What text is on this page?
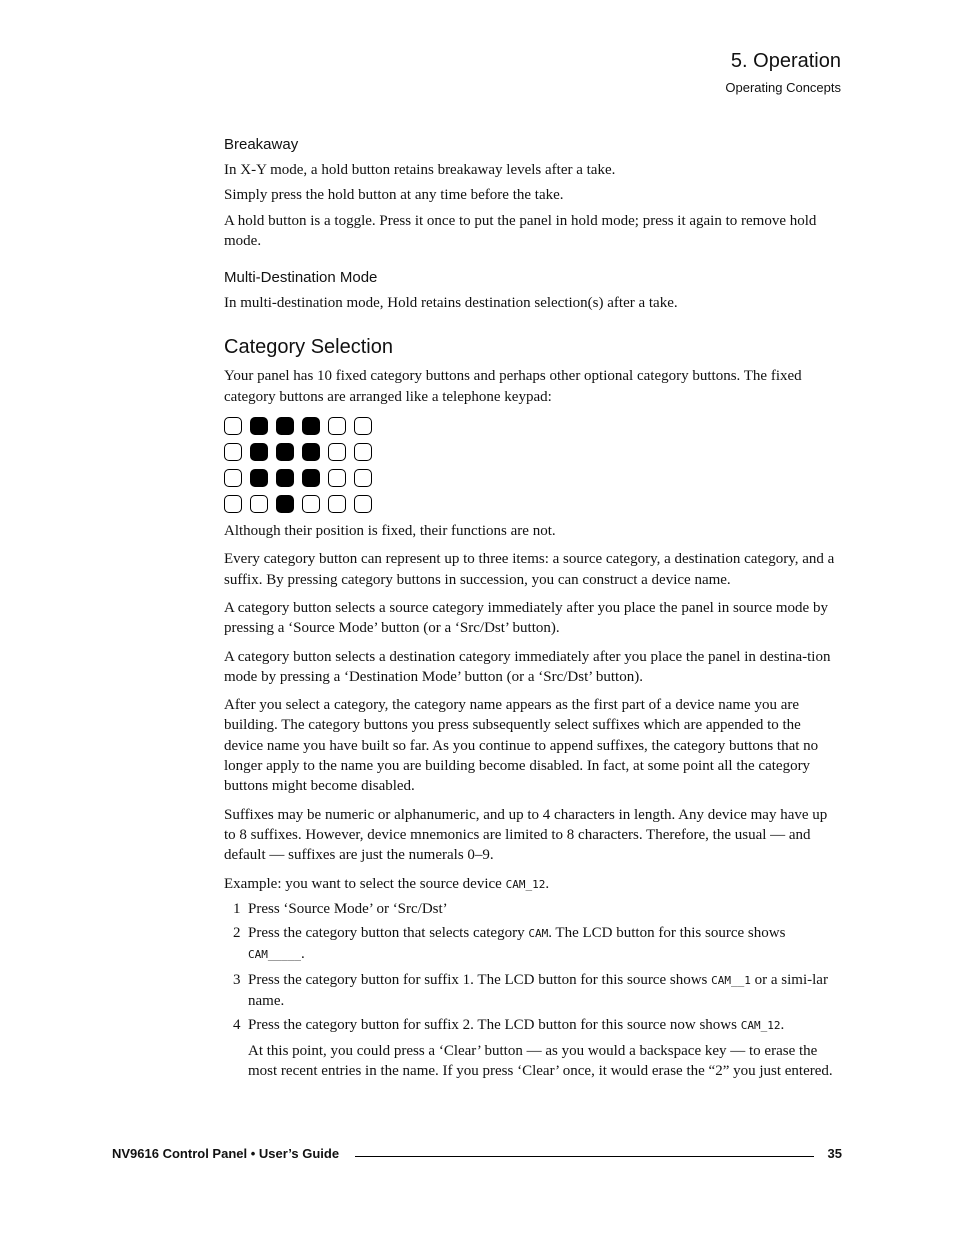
5. Operation
Operating Concepts
Breakaway

In X-Y mode, a hold button retains breakaway levels after a take.

Simply press the hold button at any time before the take.

A hold button is a toggle. Press it once to put the panel in hold mode; press it again to remove hold mode.

Multi-Destination Mode

In multi-destination mode, Hold retains destination selection(s) after a take.

Category Selection

Your panel has 10 fixed category buttons and perhaps other optional category buttons. The fixed category buttons are arranged like a telephone keypad:

Although their position is fixed, their functions are not.

Every category button can represent up to three items: a source category, a destination category, and a suffix. By pressing category buttons in succession, you can construct a device name.

A category button selects a source category immediately after you place the panel in source mode by pressing a ‘Source Mode’ button (or a ‘Src/Dst’ button).

A category button selects a destination category immediately after you place the panel in destina-tion mode by pressing a ‘Destination Mode’ button (or a ‘Src/Dst’ button).

After you select a category, the category name appears as the first part of a device name you are building. The category buttons you press subsequently select suffixes which are appended to the device name you have built so far. As you continue to append suffixes, the category buttons that no longer apply to the name you are building become disabled. In fact, at some point all the category buttons might become disabled.

Suffixes may be numeric or alphanumeric, and up to 4 characters in length. Any device may have up to 8 suffixes. However, device mnemonics are limited to 8 characters. Therefore, the usual — and default — suffixes are just the numerals 0–9.

Example: you want to select the source device CAM_12.

1 Press ‘Source Mode’ or ‘Src/Dst’
2 Press the category button that selects category CAM. The LCD button for this source shows CAM_____.
3 Press the category button for suffix 1. The LCD button for this source shows CAM__1 or a simi-lar name.
4 Press the category button for suffix 2. The LCD button for this source now shows CAM_12.

At this point, you could press a ‘Clear’ button — as you would a backspace key — to erase the most recent entries in the name. If you press ‘Clear’ once, it would erase the “2” you just entered.

NV9616 Control Panel • User’s Guide	35
